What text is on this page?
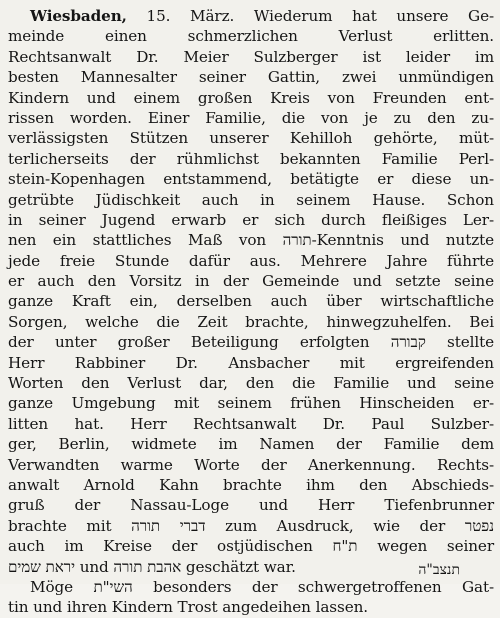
Wiesbaden, 15. März. Wiederum hat unsere Ge-
meinde einen schmerzlichen Verlust erlitten.
Rechtsanwalt Dr. Meier Sulzberger ist leider im
besten Mannesalter seiner Gattin, zwei unmündigen
Kindern und einem großen Kreis von Freunden ent-
rissen worden. Einer Familie, die von je zu den zu-
verlässigsten Stützen unserer Kehilloh gehörte, müt-
terlicherseits der rühmlichst bekannten Familie Perl-
stein-Kopenhagen entstammend, betätigte er diese un-
getrübte Jüdischkeit auch in seinem Hause. Schon
in seiner Jugend erwarb er sich durch fleißiges Ler-
nen ein stattliches Maß von תורה-Kenntnis und nutzte
jede freie Stunde dafür aus. Mehrere Jahre führte
er auch den Vorsitz in der Gemeinde und setzte seine
ganze Kraft ein, derselben auch über wirtschaftliche
Sorgen, welche die Zeit brachte, hinwegzuhelfen. Bei
der unter großer Beteiligung erfolgten קבורה stellte
Herr Rabbiner Dr. Ansbacher mit ergreifenden
Worten den Verlust dar, den die Familie und seine
ganze Umgebung mit seinem frühen Hinscheiden er-
litten hat. Herr Rechtsanwalt Dr. Paul Sulzber-
ger, Berlin, widmete im Namen der Familie dem
Verwandten warme Worte der Anerkennung. Rechts-
anwalt Arnold Kahn brachte ihm den Abschieds-
gruß der Nassau-Loge und Herr Tiefenbrunner
brachte mit דברי תורה zum Ausdruck, wie der נפטר
auch im Kreise der ostjüdischen ת"ח wegen seiner
יראת שמים und אהבת תורה geschätzt war.
Möge השי"ת besonders der schwergetroffenen Gat-
tin und ihren Kindern Trost angedeihen lassen.
תנצב"ה
